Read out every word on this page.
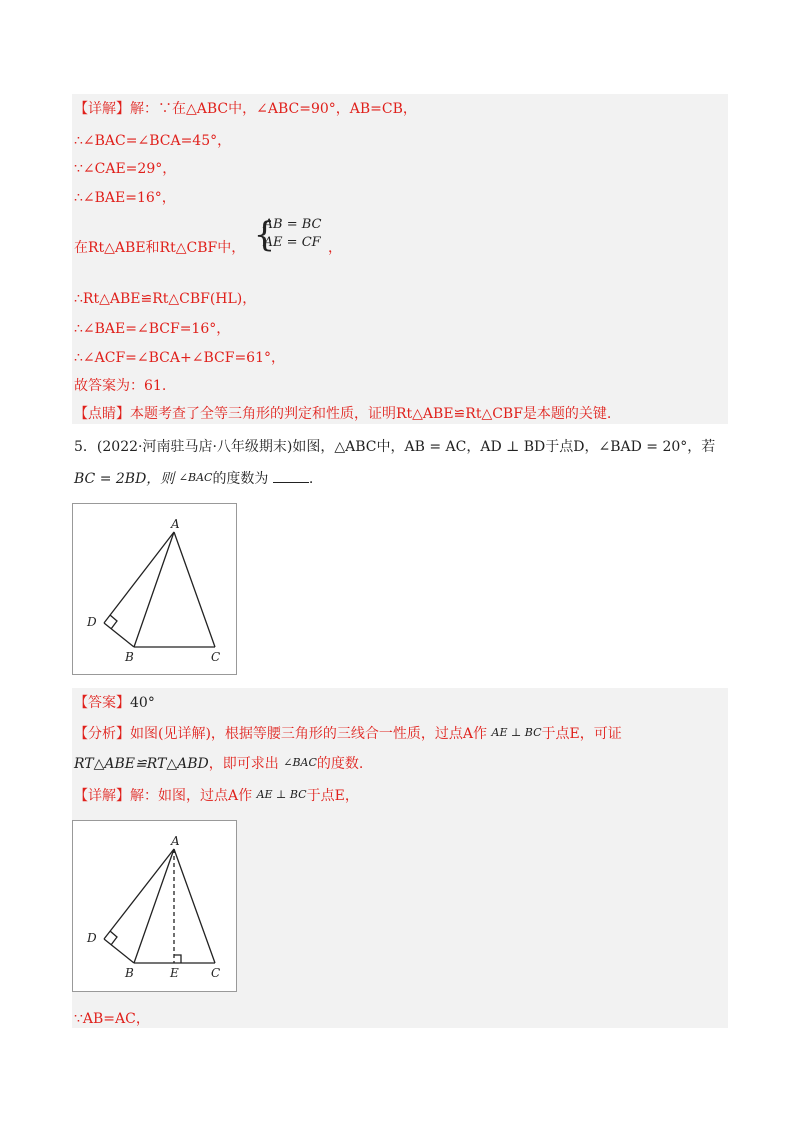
【详解】解：∵在△ABC中，∠ABC=90°，AB=CB，
∴∠BAC=∠BCA=45°，
∵∠CAE=29°，
∴∠BAE=16°，
在Rt△ABE和Rt△CBF中， {
AB = BC
AE = CF ，
∴Rt△ABE≌Rt△CBF(HL)，
∴∠BAE=∠BCF=16°，
∴∠ACF=∠BCA+∠BCF=61°，
故答案为：61.
【点睛】本题考查了全等三角形的判定和性质，证明Rt△ABE≌Rt△CBF是本题的关键.
5．(2022·河南驻马店·八年级期末)如图，△ABC中，AB = AC，AD ⊥ BD于点D，∠BAD = 20°，若
BC = 2BD，则 ∠BAC的度数为	.
A
B	C
D
【答案】40°
【分析】如图(见详解)，根据等腰三角形的三线合一性质，过点A作 AE ⊥ BC于点E，可证
RT△ABE≌RT△ABD，即可求出 ∠BAC的度数.
【详解】解：如图，过点A作 AE ⊥ BC于点E，
A
B	C
D
E
∵AB=AC，
